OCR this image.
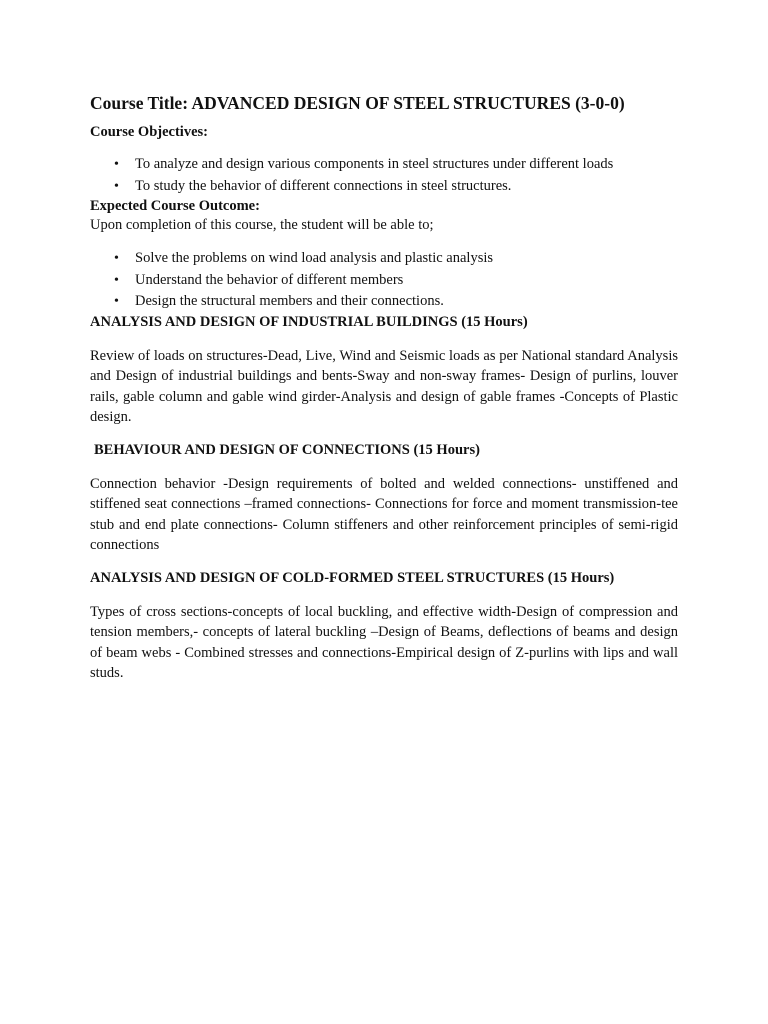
Course Title: ADVANCED DESIGN OF STEEL STRUCTURES (3-0-0)
Course Objectives:
• To analyze and design various components in steel structures under different loads
• To study the behavior of different connections in steel structures.
Expected Course Outcome:

Upon completion of this course, the student will be able to;

• Solve the problems on wind load analysis and plastic analysis
• Understand the behavior of different members
• Design the structural members and their connections.
ANALYSIS AND DESIGN OF INDUSTRIAL BUILDINGS (15 Hours)

Review of loads on structures-Dead, Live, Wind and Seismic loads as per National standard Analysis and Design of industrial buildings and bents-Sway and non-sway frames- Design of purlins, louver rails, gable column and gable wind girder-Analysis and design of gable frames -Concepts of Plastic design.

BEHAVIOUR AND DESIGN OF CONNECTIONS (15 Hours)

Connection behavior -Design requirements of bolted and welded connections- unstiffened and stiffened seat connections –framed connections- Connections for force and moment transmission-tee stub and end plate connections- Column stiffeners and other reinforcement principles of semi-rigid connections

ANALYSIS AND DESIGN OF COLD-FORMED STEEL STRUCTURES (15 Hours)

Types of cross sections-concepts of local buckling, and effective width-Design of compression and tension members,- concepts of lateral buckling –Design of Beams, deflections of beams and design of beam webs - Combined stresses and connections-Empirical design of Z-purlins with lips and wall studs.
